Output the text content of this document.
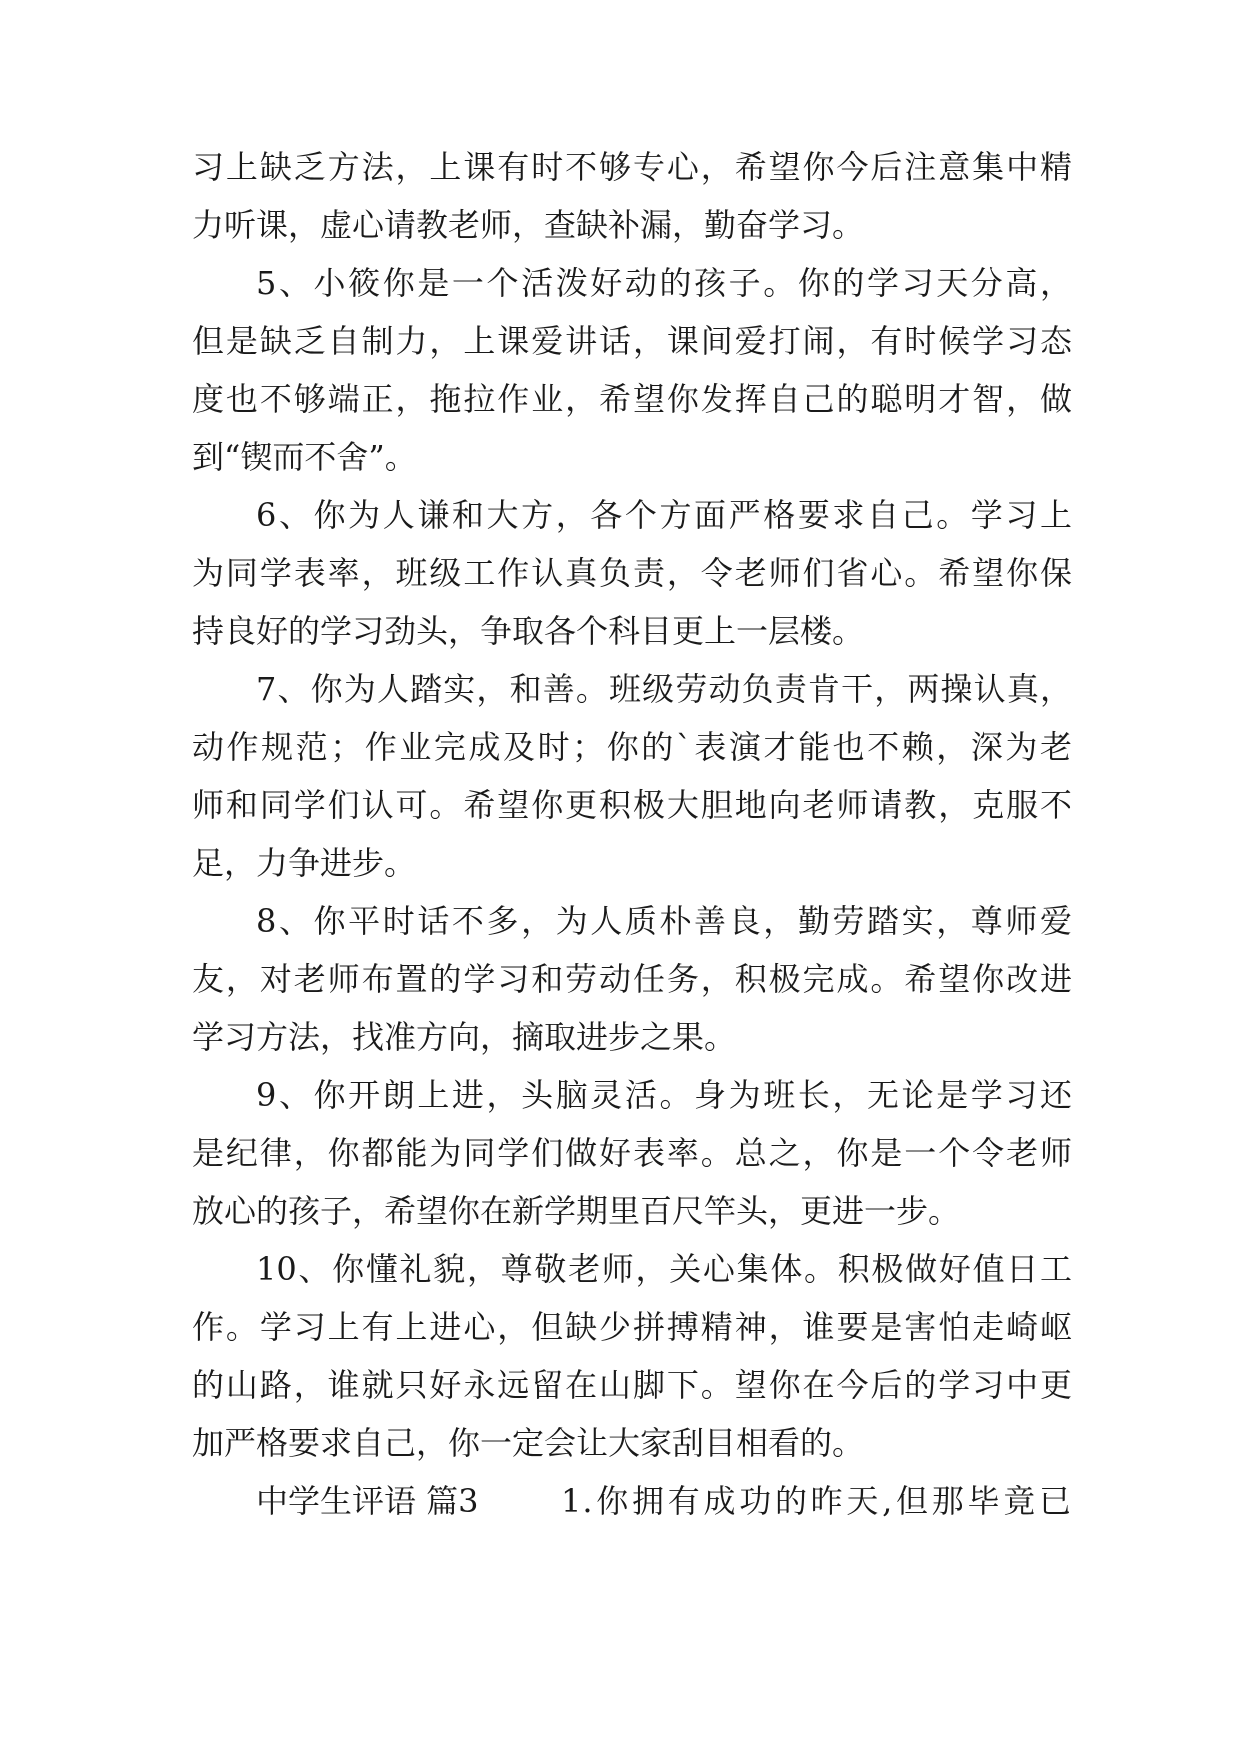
习上缺乏方法，上课有时不够专心，希望你今后注意集中精
力听课，虚心请教老师，查缺补漏，勤奋学习。
5、小筱你是一个活泼好动的孩子。你的学习天分高，
但是缺乏自制力，上课爱讲话，课间爱打闹，有时候学习态
度也不够端正，拖拉作业，希望你发挥自己的聪明才智，做
到“锲而不舍”。
6、你为人谦和大方，各个方面严格要求自己。学习上
为同学表率，班级工作认真负责，令老师们省心。希望你保
持良好的学习劲头，争取各个科目更上一层楼。
7、你为人踏实，和善。班级劳动负责肯干，两操认真，
动作规范；作业完成及时；你的`表演才能也不赖，深为老
师和同学们认可。希望你更积极大胆地向老师请教，克服不
足，力争进步。
8、你平时话不多，为人质朴善良，勤劳踏实，尊师爱
友，对老师布置的学习和劳动任务，积极完成。希望你改进
学习方法，找准方向，摘取进步之果。
9、你开朗上进，头脑灵活。身为班长，无论是学习还
是纪律，你都能为同学们做好表率。总之，你是一个令老师
放心的孩子，希望你在新学期里百尺竿头，更进一步。
10、你懂礼貌，尊敬老师，关心集体。积极做好值日工
作。学习上有上进心，但缺少拼搏精神，谁要是害怕走崎岖
的山路，谁就只好永远留在山脚下。望你在今后的学习中更
加严格要求自己，你一定会让大家刮目相看的。
中学生评语 篇3	1.你拥有成功的昨天,但那毕竟已
